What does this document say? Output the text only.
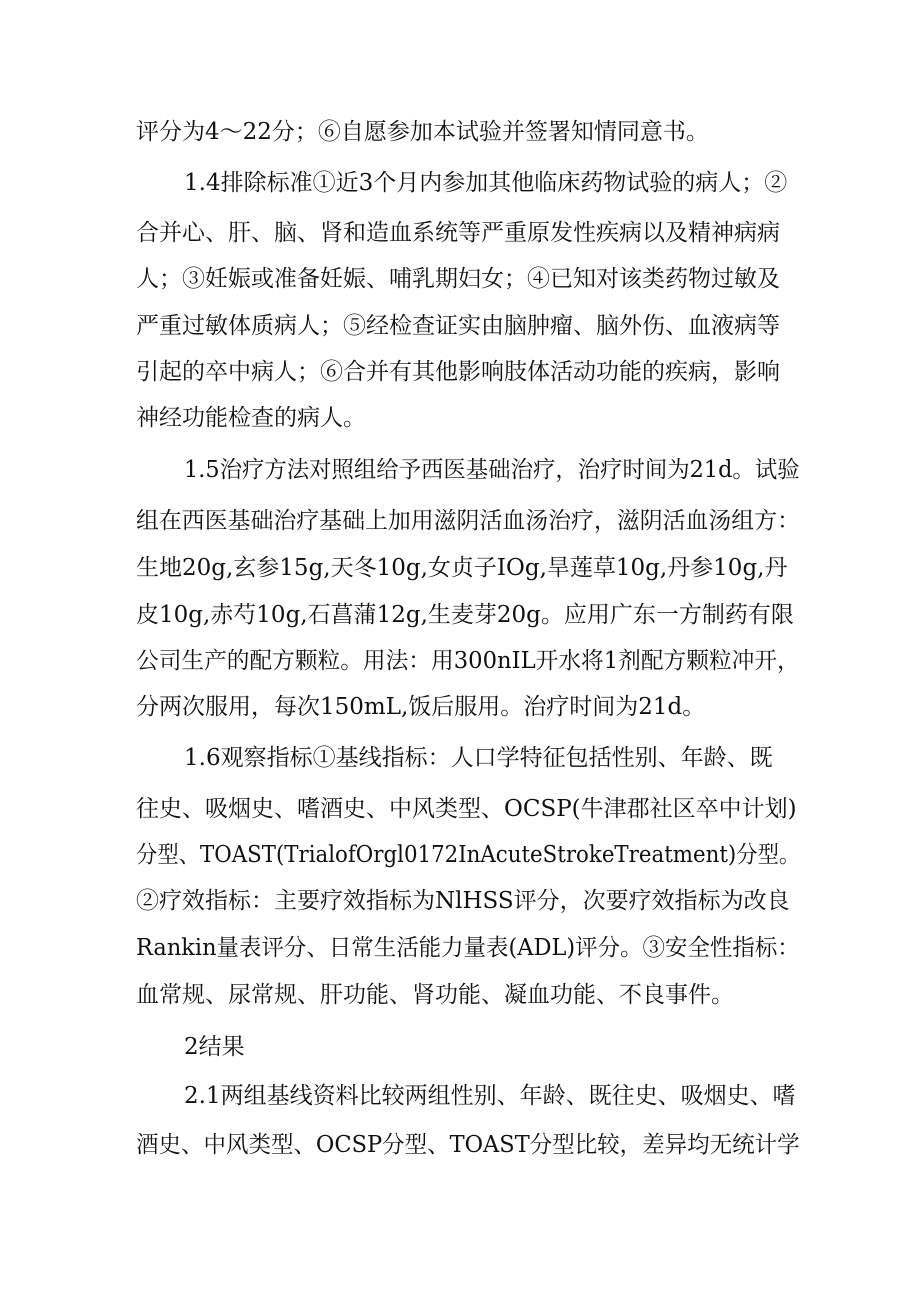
评分为4～22分；⑥自愿参加本试验并签署知情同意书。

1.4排除标准①近3个月内参加其他临床药物试验的病人；②

合并心、肝、脑、肾和造血系统等严重原发性疾病以及精神病病

人；③妊娠或准备妊娠、哺乳期妇女；④已知对该类药物过敏及

严重过敏体质病人；⑤经检查证实由脑肿瘤、脑外伤、血液病等

引起的卒中病人；⑥合并有其他影响肢体活动功能的疾病，影响

神经功能检查的病人。

1.5治疗方法对照组给予西医基础治疗，治疗时间为21d。试验

组在西医基础治疗基础上加用滋阴活血汤治疗，滋阴活血汤组方：

生地20g,玄参15g,天冬10g,女贞子IOg,旱莲草10g,丹参10g,丹

皮10g,赤芍10g,石菖蒲12g,生麦芽20g。应用广东一方制药有限

公司生产的配方颗粒。用法：用300nIL开水将1剂配方颗粒冲开，

分两次服用，每次150mL,饭后服用。治疗时间为21d。

1.6观察指标①基线指标：人口学特征包括性别、年龄、既

往史、吸烟史、嗜酒史、中风类型、OCSP(牛津郡社区卒中计划)

分型、TOAST(TrialofOrgl0172InAcuteStrokeTreatment)分型。

②疗效指标：主要疗效指标为NlHSS评分，次要疗效指标为改良

Rankin量表评分、日常生活能力量表(ADL)评分。③安全性指标：

血常规、尿常规、肝功能、肾功能、凝血功能、不良事件。

2结果

2.1两组基线资料比较两组性别、年龄、既往史、吸烟史、嗜

酒史、中风类型、OCSP分型、TOAST分型比较，差异均无统计学
